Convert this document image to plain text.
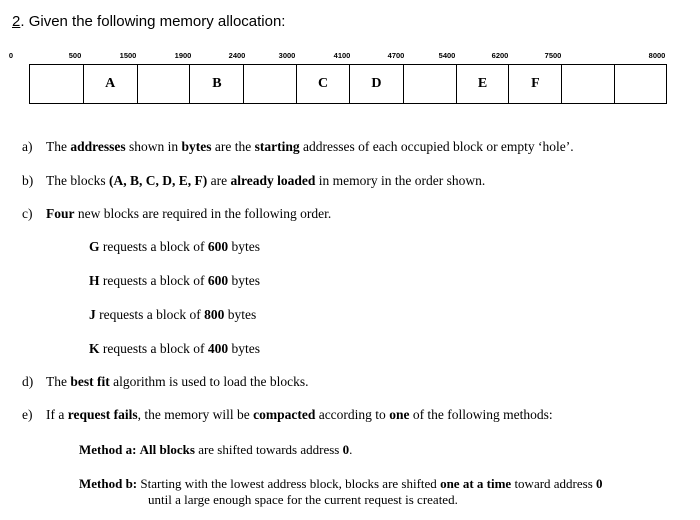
2. Given the following memory allocation:
0	500	1500	1900	2400	3000	4100	4700	5400	6200	7500	8000
A	B	C	D	E	F
a) The addresses shown in bytes are the starting addresses of each occupied block or empty ‘hole’.
b) The blocks (A, B, C, D, E, F) are already loaded in memory in the order shown.
c) Four new blocks are required in the following order.
G requests a block of 600 bytes
H requests a block of 600 bytes
J requests a block of 800 bytes
K requests a block of 400 bytes
d) The best fit algorithm is used to load the blocks.
e) If a request fails, the memory will be compacted according to one of the following methods:
Method a: All blocks are shifted towards address 0.
Method b: Starting with the lowest address block, blocks are shifted one at a time toward address 0
until a large enough space for the current request is created.
